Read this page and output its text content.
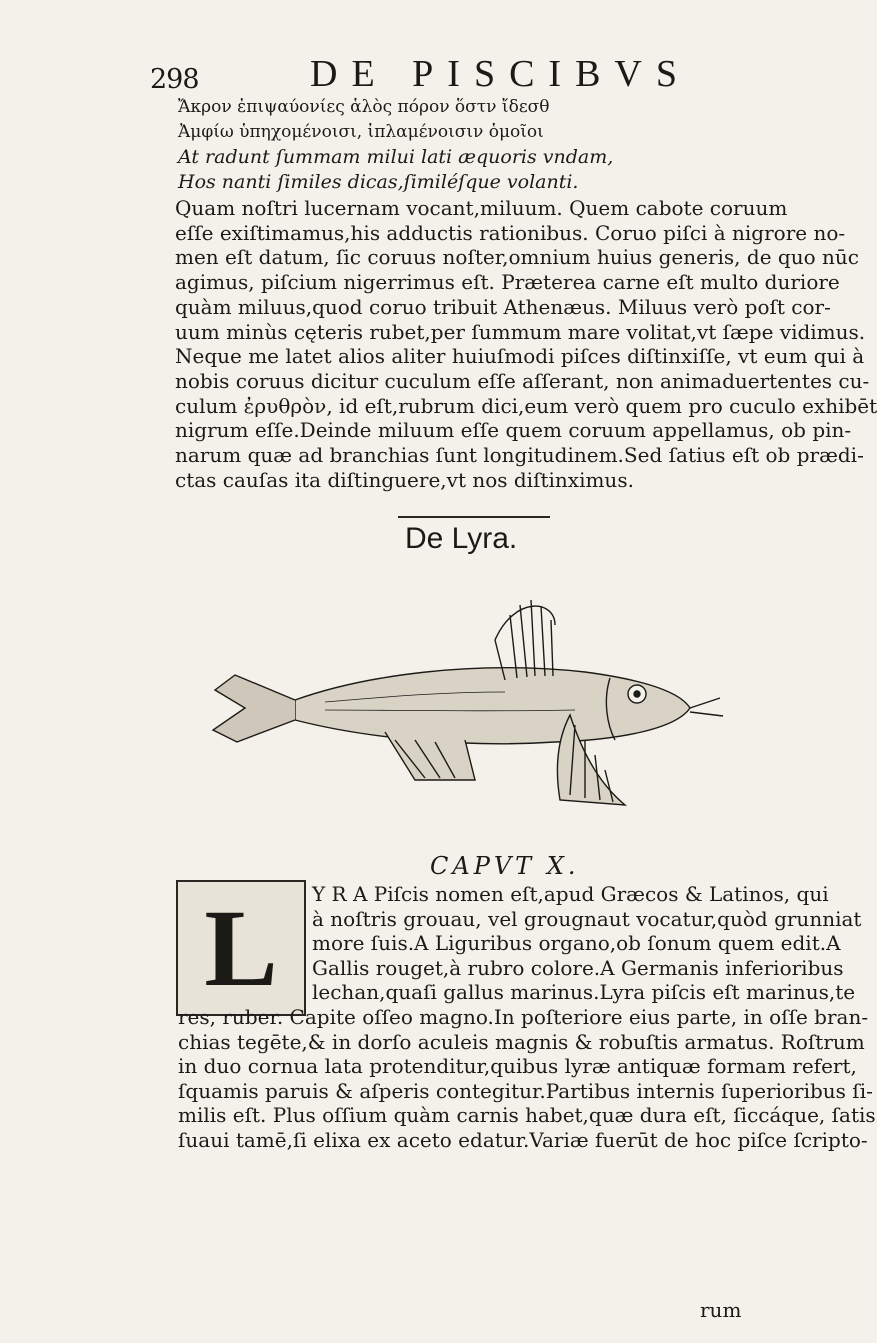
298	DE PISCIBVS
Ἄκρον ἐπιψαύονίες ἁλὸς πόρον ὅστν ἴδεσθ
Ἀμφίω ὑπηχομένοισι, ἰπλαμένοισιν ὁμοῖοι
At radunt ſummam milui lati æquoris vndam,
Hos nanti ſimiles dicas,ſimiléſque volanti.
Quam noſtri lucernam vocant,miluum. Quem cabote coruum
eſſe exiſtimamus,his adductis rationibus. Coruo piſci à nigrore no-
men eſt datum, ſic coruus noſter,omnium huius generis, de quo nūc
agimus, piſcium nigerrimus eſt. Præterea carne eſt multo duriore
quàm miluus,quod coruo tribuit Athenæus. Miluus verò poſt cor-
uum minùs cęteris rubet,per ſummum mare volitat,vt ſæpe vidimus.
Neque me latet alios aliter huiuſmodi piſces diſtinxiſſe, vt eum qui à
nobis coruus dicitur cuculum eſſe aſſerant, non animaduertentes cu-
culum ἐρυθρὸν, id eſt,rubrum dici,eum verò quem pro cuculo exhibēt
nigrum eſſe.Deinde miluum eſſe quem coruum appellamus, ob pin-
narum quæ ad branchias ſunt longitudinem.Sed ſatius eſt ob prædi-
ctas cauſas ita diſtinguere,vt nos diſtinximus.
De Lyra.
CAPVT X.
L Y R A Piſcis nomen eſt,apud Græcos & Latinos, qui
à noſtris grouau, vel grougnaut vocatur,quòd grunniat
more ſuis.A Liguribus organo,ob ſonum quem edit.A
Gallis rouget,à rubro colore.A Germanis inferioribus
lechan,quaſi gallus marinus.Lyra piſcis eſt marinus,te
res, ruber. Capite oſſeo magno.In poſteriore eius parte, in oſſe bran-
chias tegēte,& in dorſo aculeis magnis & robuſtis armatus. Roſtrum
in duo cornua lata protenditur,quibus lyræ antiquæ formam refert,
ſquamis paruis & aſperis contegitur.Partibus internis ſuperioribus ſi-
milis eſt. Plus oſſium quàm carnis habet,quæ dura eſt, ſiccáque, ſatis
ſuaui tamē,ſi elixa ex aceto edatur.Variæ fuerūt de hoc piſce ſcripto-
rum
